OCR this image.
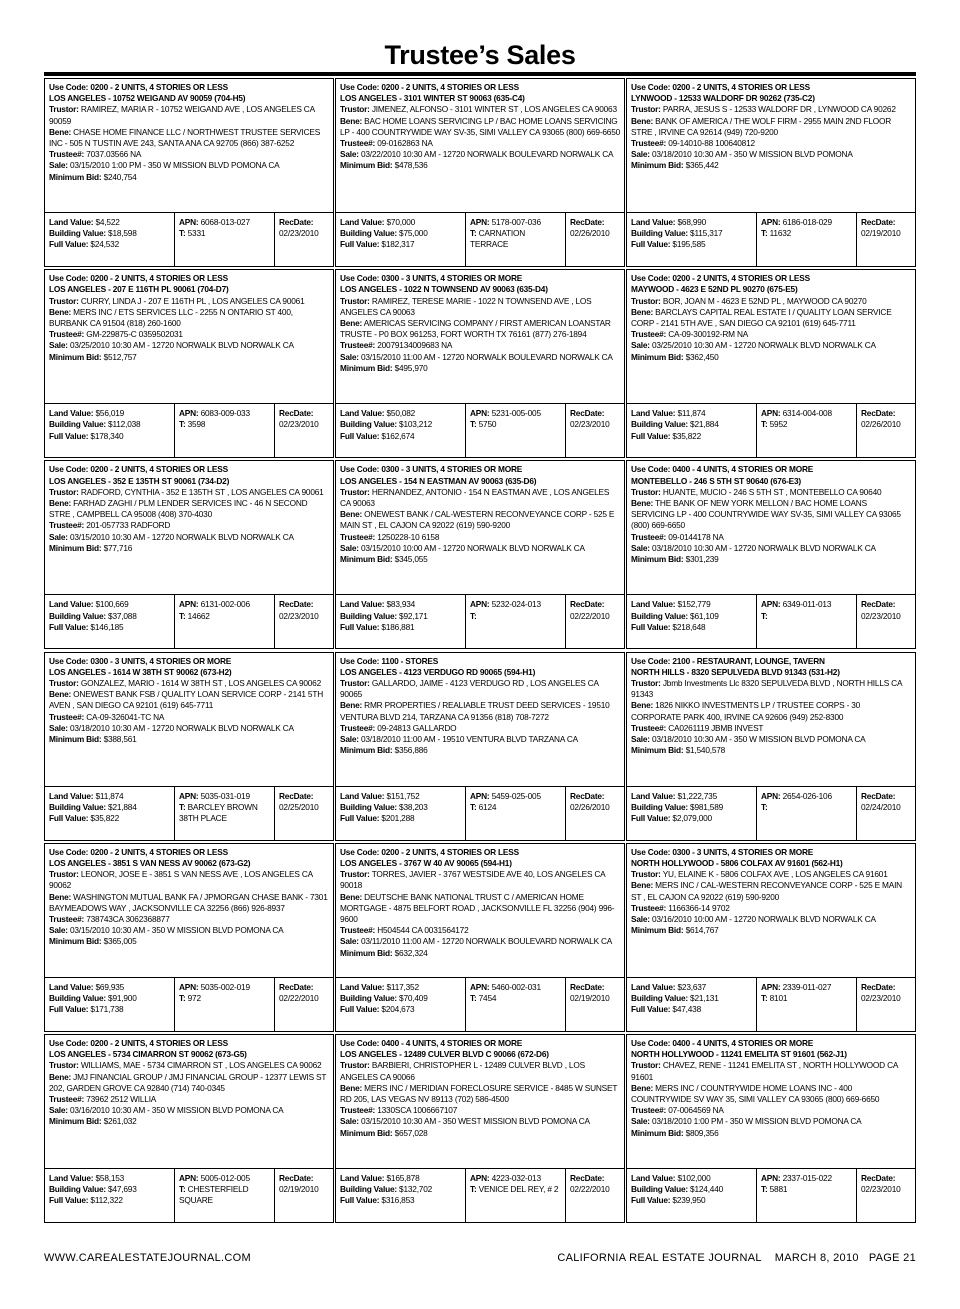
Trustee’s Sales
Use Code: 0200 - 2 UNITS, 4 STORIES OR LESS
LOS ANGELES - 10752 WEIGAND AV 90059 (704-H5)
Trustor: RAMIREZ, MARIA R - 10752 WEIGAND AVE , LOS ANGELES CA 90059
Bene: CHASE HOME FINANCE LLC / NORTHWEST TRUSTEE SERVICES INC - 505 N TUSTIN AVE 243, SANTA ANA CA 92705 (866) 387-6252
Trustee#: 7037.03566 NA
Sale: 03/15/2010 1:00 PM - 350 W MISSION BLVD POMONA CA
Minimum Bid: $240,754
Land Value: $4,522
Building Value: $18,598
Full Value: $24,532
APN: 6068-013-027
T: 5331
RecDate:
02/23/2010
Use Code: 0200 - 2 UNITS, 4 STORIES OR LESS
LOS ANGELES - 3101 WINTER ST 90063 (635-C4)
Trustor: JIMENEZ, ALFONSO - 3101 WINTER ST , LOS ANGELES CA 90063
Bene: BAC HOME LOANS SERVICING LP / BAC HOME LOANS SERVICING LP - 400 COUNTRYWIDE WAY SV-35, SIMI VALLEY CA 93065 (800) 669-6650
Trustee#: 09-0162863 NA
Sale: 03/22/2010 10:30 AM - 12720 NORWALK BOULEVARD NORWALK CA
Minimum Bid: $478,536
Land Value: $70,000
Building Value: $75,000
Full Value: $182,317
APN: 5178-007-036
T: CARNATION TERRACE
RecDate:
02/26/2010
Use Code: 0200 - 2 UNITS, 4 STORIES OR LESS
LYNWOOD - 12533 WALDORF DR 90262 (735-C2)
Trustor: PARRA, JESUS S - 12533 WALDORF DR , LYNWOOD CA 90262
Bene: BANK OF AMERICA / THE WOLF FIRM - 2955 MAIN 2ND FLOOR STRE , IRVINE CA 92614 (949) 720-9200
Trustee#: 09-14010-88 100640812
Sale: 03/18/2010 10:30 AM - 350 W MISSION BLVD POMONA
Minimum Bid: $365,442
Land Value: $68,990
Building Value: $115,317
Full Value: $195,585
APN: 6186-018-029
T: 11632
RecDate:
02/19/2010
Use Code: 0200 - 2 UNITS, 4 STORIES OR LESS
LOS ANGELES - 207 E 116TH PL 90061 (704-D7)
Trustor: CURRY, LINDA J - 207 E 116TH PL , LOS ANGELES CA 90061
Bene: MERS INC / ETS SERVICES LLC - 2255 N ONTARIO ST 400, BURBANK CA 91504 (818) 260-1600
Trustee#: GM-229875-C 0359502031
Sale: 03/25/2010 10:30 AM - 12720 NORWALK BLVD NORWALK CA
Minimum Bid: $512,757
Land Value: $56,019
Building Value: $112,038
Full Value: $178,340
APN: 6083-009-033
T: 3598
RecDate:
02/23/2010
Use Code: 0300 - 3 UNITS, 4 STORIES OR MORE
LOS ANGELES - 1022 N TOWNSEND AV 90063 (635-D4)
Trustor: RAMIREZ, TERESE MARIE - 1022 N TOWNSEND AVE , LOS ANGELES CA 90063
Bene: AMERICAS SERVICING COMPANY / FIRST AMERICAN LOANSTAR TRUSTE - P0 BOX 961253, FORT WORTH TX 76161 (877) 276-1894
Trustee#: 20079134009683 NA
Sale: 03/15/2010 11:00 AM - 12720 NORWALK BOULEVARD NORWALK CA
Minimum Bid: $495,970
Land Value: $50,082
Building Value: $103,212
Full Value: $162,674
APN: 5231-005-005
T: 5750
RecDate:
02/23/2010
Use Code: 0200 - 2 UNITS, 4 STORIES OR LESS
MAYWOOD - 4623 E 52ND PL 90270 (675-E5)
Trustor: BOR, JOAN M - 4623 E 52ND PL , MAYWOOD CA 90270
Bene: BARCLAYS CAPITAL REAL ESTATE I / QUALITY LOAN SERVICE CORP - 2141 5TH AVE , SAN DIEGO CA 92101 (619) 645-7711
Trustee#: CA-09-300192-RM NA
Sale: 03/25/2010 10:30 AM - 12720 NORWALK BLVD NORWALK CA
Minimum Bid: $362,450
Land Value: $11,874
Building Value: $21,884
Full Value: $35,822
APN: 6314-004-008
T: 5952
RecDate:
02/26/2010
Use Code: 0200 - 2 UNITS, 4 STORIES OR LESS
LOS ANGELES - 352 E 135TH ST 90061 (734-D2)
Trustor: RADFORD, CYNTHIA - 352 E 135TH ST , LOS ANGELES CA 90061
Bene: FARHAD ZAGHI / PLM LENDER SERVICES INC - 46 N SECOND STRE , CAMPBELL CA 95008 (408) 370-4030
Trustee#: 201-057733 RADFORD
Sale: 03/15/2010 10:30 AM - 12720 NORWALK BLVD NORWALK CA
Minimum Bid: $77,716
Land Value: $100,669
Building Value: $37,088
Full Value: $146,185
APN: 6131-002-006
T: 14662
RecDate:
02/23/2010
Use Code: 0300 - 3 UNITS, 4 STORIES OR MORE
LOS ANGELES - 154 N EASTMAN AV 90063 (635-D6)
Trustor: HERNANDEZ, ANTONIO - 154 N EASTMAN AVE , LOS ANGELES CA 90063
Bene: ONEWEST BANK / CAL-WESTERN RECONVEYANCE CORP - 525 E MAIN ST , EL CAJON CA 92022 (619) 590-9200
Trustee#: 1250228-10 6158
Sale: 03/15/2010 10:00 AM - 12720 NORWALK BLVD NORWALK CA
Minimum Bid: $345,055
Land Value: $83,934
Building Value: $92,171
Full Value: $186,881
APN: 5232-024-013
T:
RecDate:
02/22/2010
Use Code: 0400 - 4 UNITS, 4 STORIES OR MORE
MONTEBELLO - 246 S 5TH ST 90640 (676-E3)
Trustor: HUANTE, MUCIO - 246 S 5TH ST , MONTEBELLO CA 90640
Bene: THE BANK OF NEW YORK MELLON / BAC HOME LOANS SERVICING LP - 400 COUNTRYWIDE WAY SV-35, SIMI VALLEY CA 93065 (800) 669-6650
Trustee#: 09-0144178 NA
Sale: 03/18/2010 10:30 AM - 12720 NORWALK BLVD NORWALK CA
Minimum Bid: $301,239
Land Value: $152,779
Building Value: $61,109
Full Value: $218,648
APN: 6349-011-013
T:
RecDate:
02/23/2010
Use Code: 0300 - 3 UNITS, 4 STORIES OR MORE
LOS ANGELES - 1614 W 38TH ST 90062 (673-H2)
Trustor: GONZALEZ, MARIO - 1614 W 38TH ST , LOS ANGELES CA 90062
Bene: ONEWEST BANK FSB / QUALITY LOAN SERVICE CORP - 2141 5TH AVEN , SAN DIEGO CA 92101 (619) 645-7711
Trustee#: CA-09-326041-TC NA
Sale: 03/18/2010 10:30 AM - 12720 NORWALK BLVD NORWALK CA
Minimum Bid: $388,561
Land Value: $11,874
Building Value: $21,884
Full Value: $35,822
APN: 5035-031-019
T: BARCLEY BROWN 38TH PLACE
RecDate:
02/25/2010
Use Code: 1100 - STORES
LOS ANGELES - 4123 VERDUGO RD 90065 (594-H1)
Trustor: GALLARDO, JAIME - 4123 VERDUGO RD , LOS ANGELES CA 90065
Bene: RMR PROPERTIES / REALIABLE TRUST DEED SERVICES - 19510 VENTURA BLVD 214, TARZANA CA 91356 (818) 708-7272
Trustee#: 09-24813 GALLARDO
Sale: 03/18/2010 11:00 AM - 19510 VENTURA BLVD TARZANA CA
Minimum Bid: $356,886
Land Value: $151,752
Building Value: $38,203
Full Value: $201,288
APN: 5459-025-005
T: 6124
RecDate:
02/26/2010
Use Code: 2100 - RESTAURANT, LOUNGE, TAVERN
NORTH HILLS - 8320 SEPULVEDA BLVD 91343 (531-H2)
Trustor: Jbmb Investments Llc 8320 SEPULVEDA BLVD , NORTH HILLS CA 91343
Bene: 1826 NIKKO INVESTMENTS LP / TRUSTEE CORPS - 30 CORPORATE PARK 400, IRVINE CA 92606 (949) 252-8300
Trustee#: CA0261119 JBMB INVEST
Sale: 03/18/2010 10:30 AM - 350 W MISSION BLVD POMONA CA
Minimum Bid: $1,540,578
Land Value: $1,222,735
Building Value: $981,589
Full Value: $2,079,000
APN: 2654-026-106
T:
RecDate:
02/24/2010
Use Code: 0200 - 2 UNITS, 4 STORIES OR LESS
LOS ANGELES - 3851 S VAN NESS AV 90062 (673-G2)
Trustor: LEONOR, JOSE E - 3851 S VAN NESS AVE , LOS ANGELES CA 90062
Bene: WASHINGTON MUTUAL BANK FA / JPMORGAN CHASE BANK - 7301 BAYMEADOWS WAY , JACKSONVILLE CA 32256 (866) 926-8937
Trustee#: 738743CA 3062368877
Sale: 03/15/2010 10:30 AM - 350 W MISSION BLVD POMONA CA
Minimum Bid: $365,005
Land Value: $69,935
Building Value: $91,900
Full Value: $171,738
APN: 5035-002-019
T: 972
RecDate:
02/22/2010
Use Code: 0200 - 2 UNITS, 4 STORIES OR LESS
LOS ANGELES - 3767 W 40 AV 90065 (594-H1)
Trustor: TORRES, JAVIER - 3767 WESTSIDE AVE 40, LOS ANGELES CA 90018
Bene: DEUTSCHE BANK NATIONAL TRUST C / AMERICAN HOME MORTGAGE - 4875 BELFORT ROAD , JACKSONVILLE FL 32256 (904) 996-9600
Trustee#: H504544 CA 0031564172
Sale: 03/11/2010 11:00 AM - 12720 NORWALK BOULEVARD NORWALK CA
Minimum Bid: $632,324
Land Value: $117,352
Building Value: $70,409
Full Value: $204,673
APN: 5460-002-031
T: 7454
RecDate:
02/19/2010
Use Code: 0300 - 3 UNITS, 4 STORIES OR MORE
NORTH HOLLYWOOD - 5806 COLFAX AV 91601 (562-H1)
Trustor: YU, ELAINE K - 5806 COLFAX AVE , LOS ANGELES CA 91601
Bene: MERS INC / CAL-WESTERN RECONVEYANCE CORP - 525 E MAIN ST , EL CAJON CA 92022 (619) 590-9200
Trustee#: 1166366-14 9702
Sale: 03/16/2010 10:00 AM - 12720 NORWALK BLVD NORWALK CA
Minimum Bid: $614,767
Land Value: $23,637
Building Value: $21,131
Full Value: $47,438
APN: 2339-011-027
T: 8101
RecDate:
02/23/2010
Use Code: 0200 - 2 UNITS, 4 STORIES OR LESS
LOS ANGELES - 5734 CIMARRON ST 90062 (673-G5)
Trustor: WILLIAMS, MAE - 5734 CIMARRON ST , LOS ANGELES CA 90062
Bene: JMJ FINANCIAL GROUP / JMJ FINANCIAL GROUP - 12377 LEWIS ST 202, GARDEN GROVE CA 92840 (714) 740-0345
Trustee#: 73962 2512 WILLIA
Sale: 03/16/2010 10:30 AM - 350 W MISSION BLVD POMONA CA
Minimum Bid: $261,032
Land Value: $58,153
Building Value: $47,693
Full Value: $112,322
APN: 5005-012-005
T: CHESTERFIELD SQUARE
RecDate:
02/19/2010
Use Code: 0400 - 4 UNITS, 4 STORIES OR MORE
LOS ANGELES - 12489 CULVER BLVD C 90066 (672-D6)
Trustor: BARBIERI, CHRISTOPHER L - 12489 CULVER BLVD , LOS ANGELES CA 90066
Bene: MERS INC / MERIDIAN FORECLOSURE SERVICE - 8485 W SUNSET RD 205, LAS VEGAS NV 89113 (702) 586-4500
Trustee#: 1330SCA 1006667107
Sale: 03/15/2010 10:30 AM - 350 WEST MISSION BLVD POMONA CA
Minimum Bid: $657,028
Land Value: $165,878
Building Value: $132,702
Full Value: $316,853
APN: 4223-032-013
T: VENICE DEL REY, # 2
RecDate:
02/22/2010
Use Code: 0400 - 4 UNITS, 4 STORIES OR MORE
NORTH HOLLYWOOD - 11241 EMELITA ST 91601 (562-J1)
Trustor: CHAVEZ, RENE - 11241 EMELITA ST , NORTH HOLLYWOOD CA 91601
Bene: MERS INC / COUNTRYWIDE HOME LOANS INC - 400 COUNTRYWIDE SV WAY 35, SIMI VALLEY CA 93065 (800) 669-6650
Trustee#: 07-0064569 NA
Sale: 03/18/2010 1:00 PM - 350 W MISSION BLVD POMONA CA
Minimum Bid: $809,356
Land Value: $102,000
Building Value: $124,440
Full Value: $239,950
APN: 2337-015-022
T: 5881
RecDate:
02/23/2010
WWW.CAREALESTATEJOURNAL.COM	CALIFORNIA REAL ESTATE JOURNAL    MARCH 8, 2010   PAGE 21
